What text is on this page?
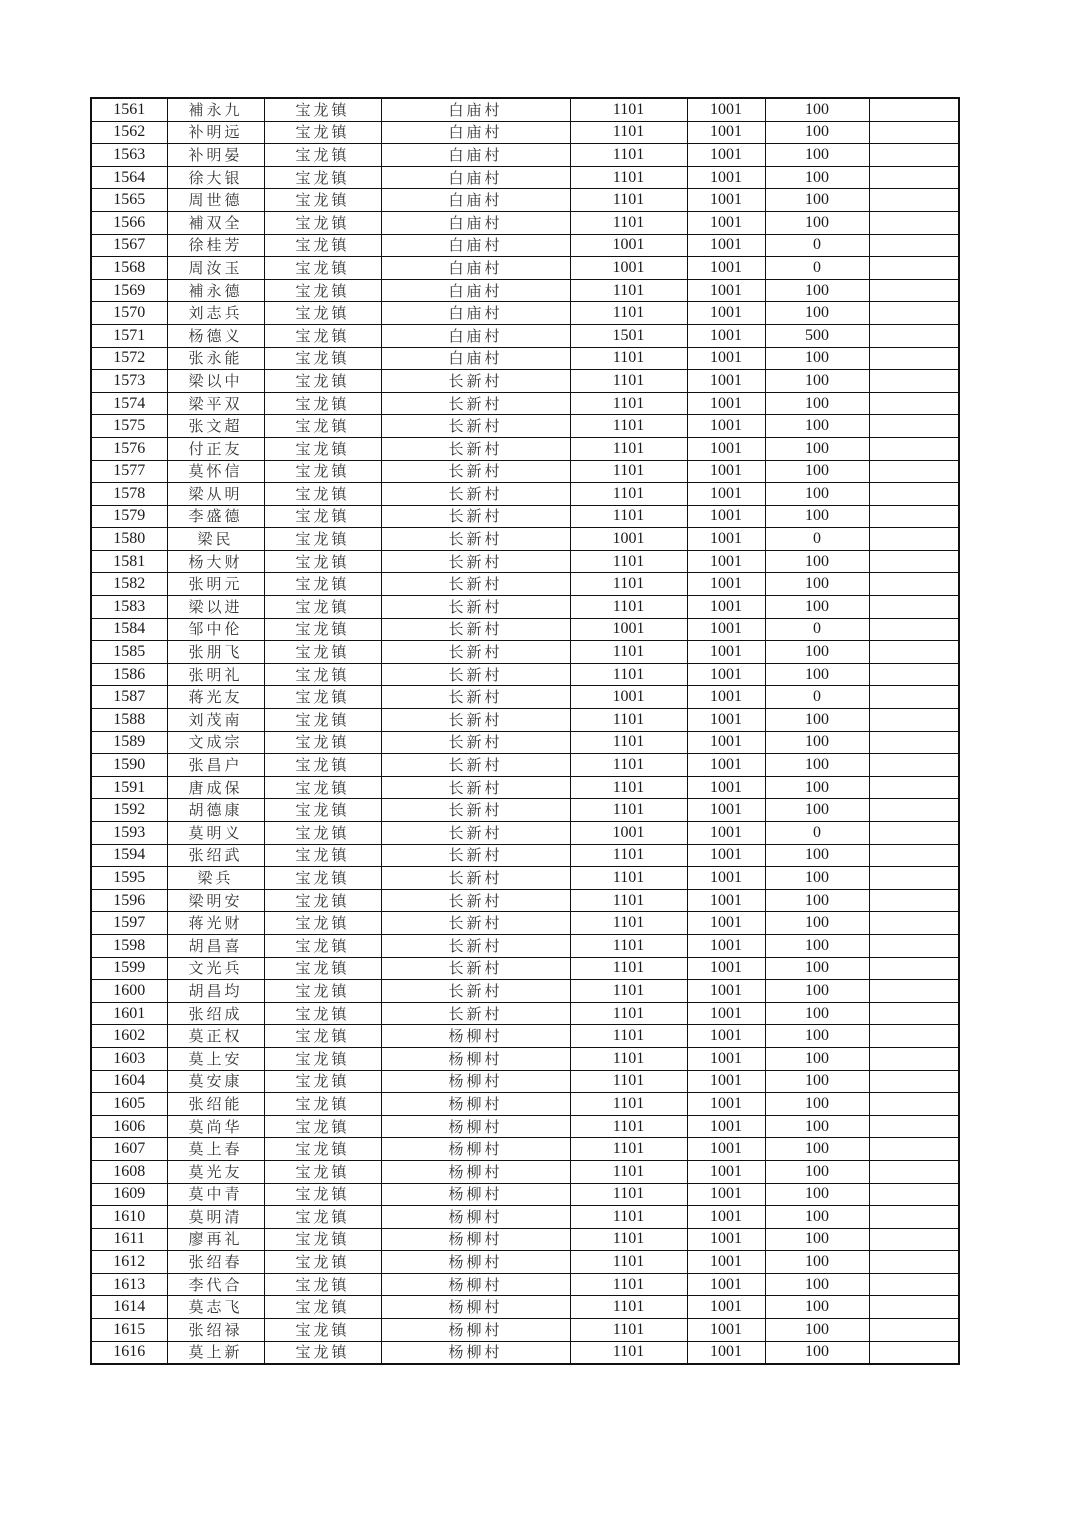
1561	補永九	宝龙镇	白庙村	1101	1001	100	
1562	补明远	宝龙镇	白庙村	1101	1001	100	
1563	补明晏	宝龙镇	白庙村	1101	1001	100	
1564	徐大银	宝龙镇	白庙村	1101	1001	100	
1565	周世德	宝龙镇	白庙村	1101	1001	100	
1566	補双全	宝龙镇	白庙村	1101	1001	100	
1567	徐桂芳	宝龙镇	白庙村	1001	1001	0	
1568	周汝玉	宝龙镇	白庙村	1001	1001	0	
1569	補永德	宝龙镇	白庙村	1101	1001	100	
1570	刘志兵	宝龙镇	白庙村	1101	1001	100	
1571	杨德义	宝龙镇	白庙村	1501	1001	500	
1572	张永能	宝龙镇	白庙村	1101	1001	100	
1573	梁以中	宝龙镇	长新村	1101	1001	100	
1574	梁平双	宝龙镇	长新村	1101	1001	100	
1575	张文超	宝龙镇	长新村	1101	1001	100	
1576	付正友	宝龙镇	长新村	1101	1001	100	
1577	莫怀信	宝龙镇	长新村	1101	1001	100	
1578	梁从明	宝龙镇	长新村	1101	1001	100	
1579	李盛德	宝龙镇	长新村	1101	1001	100	
1580	梁民	宝龙镇	长新村	1001	1001	0	
1581	杨大财	宝龙镇	长新村	1101	1001	100	
1582	张明元	宝龙镇	长新村	1101	1001	100	
1583	梁以进	宝龙镇	长新村	1101	1001	100	
1584	邹中伦	宝龙镇	长新村	1001	1001	0	
1585	张朋飞	宝龙镇	长新村	1101	1001	100	
1586	张明礼	宝龙镇	长新村	1101	1001	100	
1587	蒋光友	宝龙镇	长新村	1001	1001	0	
1588	刘茂南	宝龙镇	长新村	1101	1001	100	
1589	文成宗	宝龙镇	长新村	1101	1001	100	
1590	张昌户	宝龙镇	长新村	1101	1001	100	
1591	唐成保	宝龙镇	长新村	1101	1001	100	
1592	胡德康	宝龙镇	长新村	1101	1001	100	
1593	莫明义	宝龙镇	长新村	1001	1001	0	
1594	张绍武	宝龙镇	长新村	1101	1001	100	
1595	梁兵	宝龙镇	长新村	1101	1001	100	
1596	梁明安	宝龙镇	长新村	1101	1001	100	
1597	蒋光财	宝龙镇	长新村	1101	1001	100	
1598	胡昌喜	宝龙镇	长新村	1101	1001	100	
1599	文光兵	宝龙镇	长新村	1101	1001	100	
1600	胡昌均	宝龙镇	长新村	1101	1001	100	
1601	张绍成	宝龙镇	长新村	1101	1001	100	
1602	莫正权	宝龙镇	杨柳村	1101	1001	100	
1603	莫上安	宝龙镇	杨柳村	1101	1001	100	
1604	莫安康	宝龙镇	杨柳村	1101	1001	100	
1605	张绍能	宝龙镇	杨柳村	1101	1001	100	
1606	莫尚华	宝龙镇	杨柳村	1101	1001	100	
1607	莫上春	宝龙镇	杨柳村	1101	1001	100	
1608	莫光友	宝龙镇	杨柳村	1101	1001	100	
1609	莫中青	宝龙镇	杨柳村	1101	1001	100	
1610	莫明清	宝龙镇	杨柳村	1101	1001	100	
1611	廖再礼	宝龙镇	杨柳村	1101	1001	100	
1612	张绍春	宝龙镇	杨柳村	1101	1001	100	
1613	李代合	宝龙镇	杨柳村	1101	1001	100	
1614	莫志飞	宝龙镇	杨柳村	1101	1001	100	
1615	张绍禄	宝龙镇	杨柳村	1101	1001	100	
1616	莫上新	宝龙镇	杨柳村	1101	1001	100	
